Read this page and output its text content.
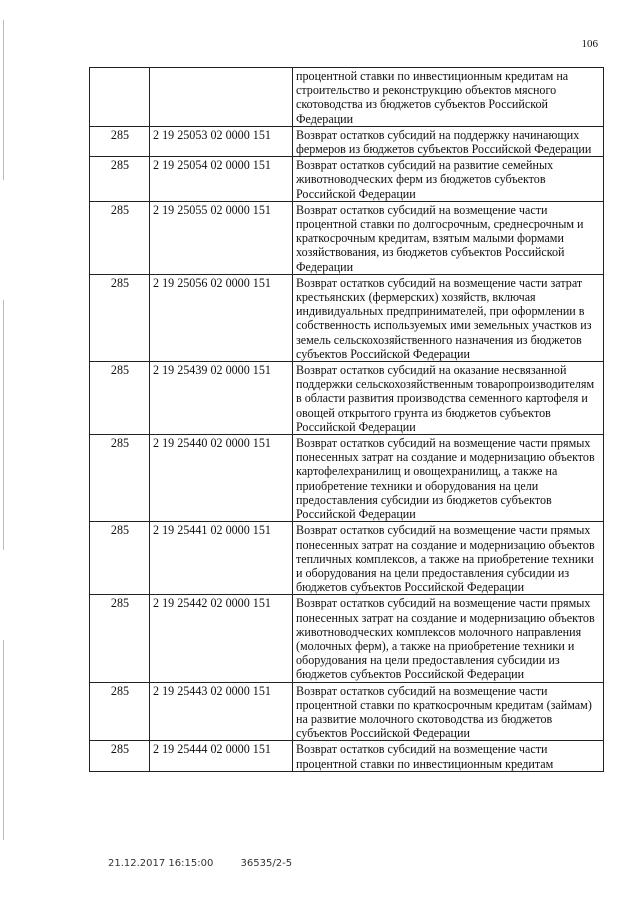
106
		процентной ставки по инвестиционным кредитам на строительство и реконструкцию объектов мясного скотоводства из бюджетов субъектов Российской Федерации
285	2 19 25053 02 0000 151	Возврат остатков субсидий на поддержку начинающих фермеров из бюджетов субъектов Российской Федерации
285	2 19 25054 02 0000 151	Возврат остатков субсидий на развитие семейных животноводческих ферм из бюджетов субъектов Российской Федерации
285	2 19 25055 02 0000 151	Возврат остатков субсидий на возмещение части процентной ставки по долгосрочным, среднесрочным и краткосрочным кредитам, взятым малыми формами хозяйствования, из бюджетов субъектов Российской Федерации
285	2 19 25056 02 0000 151	Возврат остатков субсидий на возмещение части затрат крестьянских (фермерских) хозяйств, включая индивидуальных предпринимателей, при оформлении в собственность используемых ими земельных участков из земель сельскохозяйственного назначения из бюджетов субъектов Российской Федерации
285	2 19 25439 02 0000 151	Возврат остатков субсидий на оказание несвязанной поддержки сельскохозяйственным товаропроизводителям в области развития производства семенного картофеля и овощей открытого грунта из бюджетов субъектов Российской Федерации
285	2 19 25440 02 0000 151	Возврат остатков субсидий на возмещение части прямых понесенных затрат на создание и модернизацию объектов картофелехранилищ и овощехранилищ, а также на приобретение техники и оборудования на цели предоставления субсидии из бюджетов субъектов Российской Федерации
285	2 19 25441 02 0000 151	Возврат остатков субсидий на возмещение части прямых понесенных затрат на создание и модернизацию объектов тепличных комплексов, а также на приобретение техники и оборудования на цели предоставления субсидии из бюджетов субъектов Российской Федерации
285	2 19 25442 02 0000 151	Возврат остатков субсидий на возмещение части прямых понесенных затрат на создание и модернизацию объектов животноводческих комплексов молочного направления (молочных ферм), а также на приобретение техники и оборудования на цели предоставления субсидии из бюджетов субъектов Российской Федерации
285	2 19 25443 02 0000 151	Возврат остатков субсидий на возмещение части процентной ставки по краткосрочным кредитам (займам) на развитие молочного скотоводства из бюджетов субъектов Российской Федерации
285	2 19 25444 02 0000 151	Возврат остатков субсидий на возмещение части процентной ставки по инвестиционным кредитам
21.12.2017 16:15:00	36535/2-5
